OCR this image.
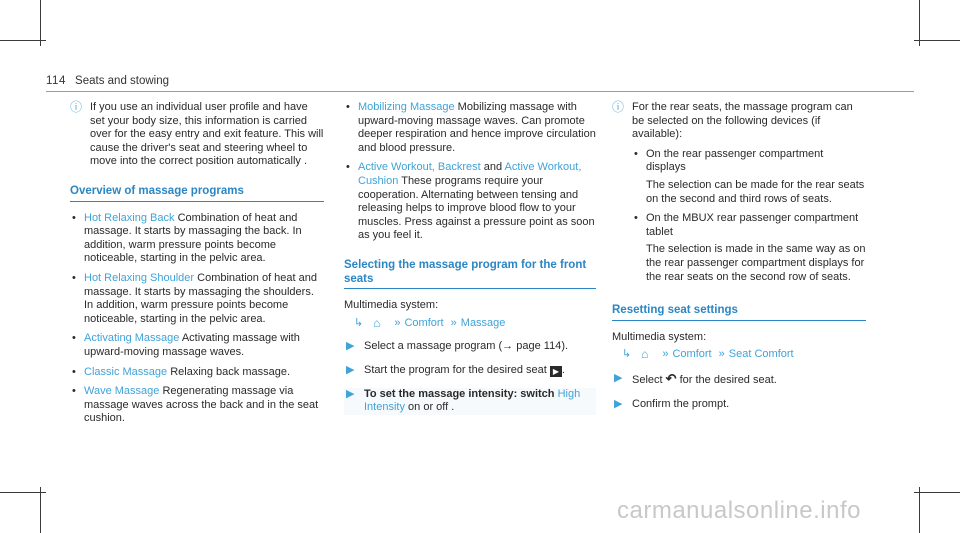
114 Seats and stowing
ⓘ If you use an individual user profile and have set your body size, this information is carried over for the easy entry and exit feature. This will cause the driver's seat and steering wheel to move into the correct position automatically .
Overview of massage programs
• Hot Relaxing Back Combination of heat and massage. It starts by massaging the back. In addition, warm pressure points become noticeable, starting in the pelvic area.
• Hot Relaxing Shoulder Combination of heat and massage. It starts by massaging the shoulders. In addition, warm pressure points become noticeable, starting in the pelvic area.
• Activating Massage Activating massage with upward-moving massage waves.
• Classic Massage Relaxing back massage.
• Wave Massage Regenerating massage via massage waves across the back and in the seat cushion.
• Mobilizing Massage Mobilizing massage with upward-moving massage waves. Can promote deeper respiration and hence improve circulation and blood pressure.
• Active Workout, Backrest and Active Workout, Cushion These programs require your cooperation. Alternating between tensing and releasing helps to improve blood flow to your muscles. Press against a pressure point as soon as you feel it.
Selecting the massage program for the front seats
Multimedia system:
↳ ⌂ » Comfort » Massage
▶ Select a massage program (→ page 114).
▶ Start the program for the desired seat ▶ .
▶ To set the massage intensity: switch High Intensity on or off .
ⓘ For the rear seats, the massage program can be selected on the following devices (if available):
• On the rear passenger compartment displays
The selection can be made for the rear seats on the second and third rows of seats.
• On the MBUX rear passenger compartment tablet
The selection is made in the same way as on the rear passenger compartment displays for the rear seats on the second row of seats.
Resetting seat settings
Multimedia system:
↳ ⌂ » Comfort » Seat Comfort
▶ Select ↶ for the desired seat.
▶ Confirm the prompt.
carmanualsonline.info
